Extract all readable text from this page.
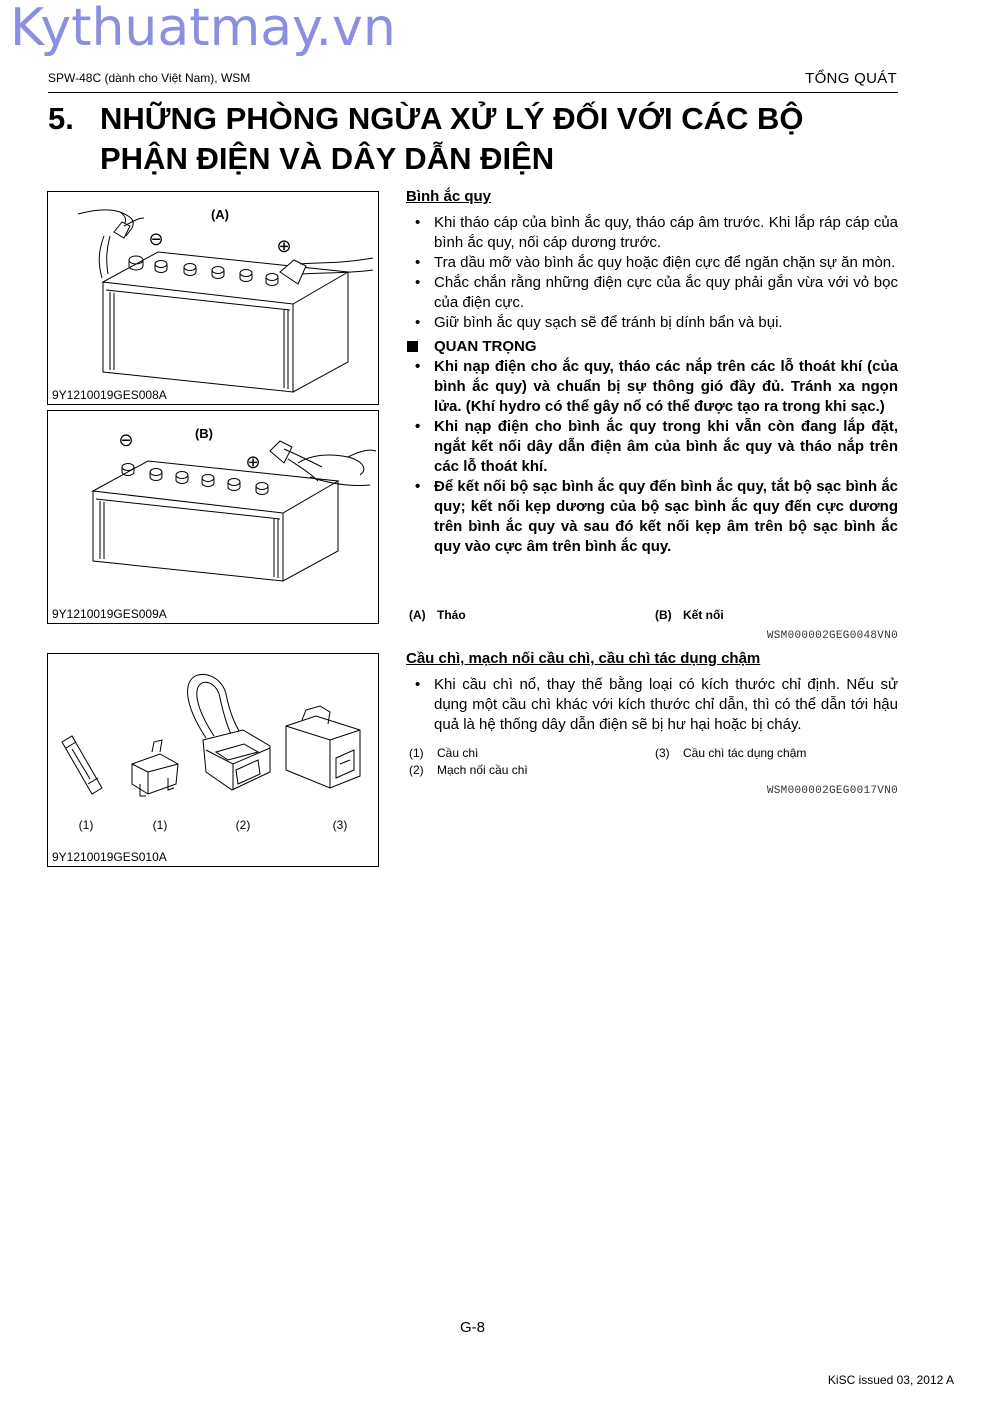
Kythuatmay.vn
SPW-48C (dành cho Việt Nam), WSM	TỔNG QUÁT
5. NHỮNG PHÒNG NGỪA XỬ LÝ ĐỐI VỚI CÁC BỘ
PHẬN ĐIỆN VÀ DÂY DẪN ĐIỆN
(A)
⊖	⊕
9Y1210019GES008A
(B)
⊖
⊕
9Y1210019GES009A
(1)	(1)	(2)	(3)
9Y1210019GES010A
Bình ắc quy
• Khi tháo cáp của bình ắc quy, tháo cáp âm trước. Khi lắp ráp cáp của bình ắc quy, nối cáp dương trước.
• Tra dầu mỡ vào bình ắc quy hoặc điện cực để ngăn chặn sự ăn mòn.
• Chắc chắn rằng những điện cực của ắc quy phải gắn vừa với vỏ bọc của điện cực.
• Giữ bình ắc quy sạch sẽ để tránh bị dính bẩn và bụi.
QUAN TRỌNG
• Khi nạp điện cho ắc quy, tháo các nắp trên các lỗ thoát khí (của bình ắc quy) và chuẩn bị sự thông gió đầy đủ. Tránh xa ngọn lửa. (Khí hydro có thể gây nổ có thể được tạo ra trong khi sạc.)
• Khi nạp điện cho bình ắc quy trong khi vẫn còn đang lắp đặt, ngắt kết nối dây dẫn điện âm của bình ắc quy và tháo nắp trên các lỗ thoát khí.
• Để kết nối bộ sạc bình ắc quy đến bình ắc quy, tắt bộ sạc bình ắc quy; kết nối kẹp dương của bộ sạc bình ắc quy đến cực dương trên bình ắc quy và sau đó kết nối kẹp âm trên bộ sạc bình ắc quy vào cực âm trên bình ắc quy.
(A) Tháo	(B) Kết nối
WSM000002GEG0048VN0
Cầu chì, mạch nối cầu chì, cầu chì tác dụng chậm
• Khi cầu chì nổ, thay thế bằng loại có kích thước chỉ định. Nếu sử dụng một cầu chì khác với kích thước chỉ dẫn, thì có thể dẫn tới hậu quả là hệ thống dây dẫn điện sẽ bị hư hại hoặc bị cháy.
(1) Cầu chì	(3) Cầu chì tác dụng chậm
(2) Mạch nối cầu chì
WSM000002GEG0017VN0
G-8
KiSC issued 03, 2012 A
